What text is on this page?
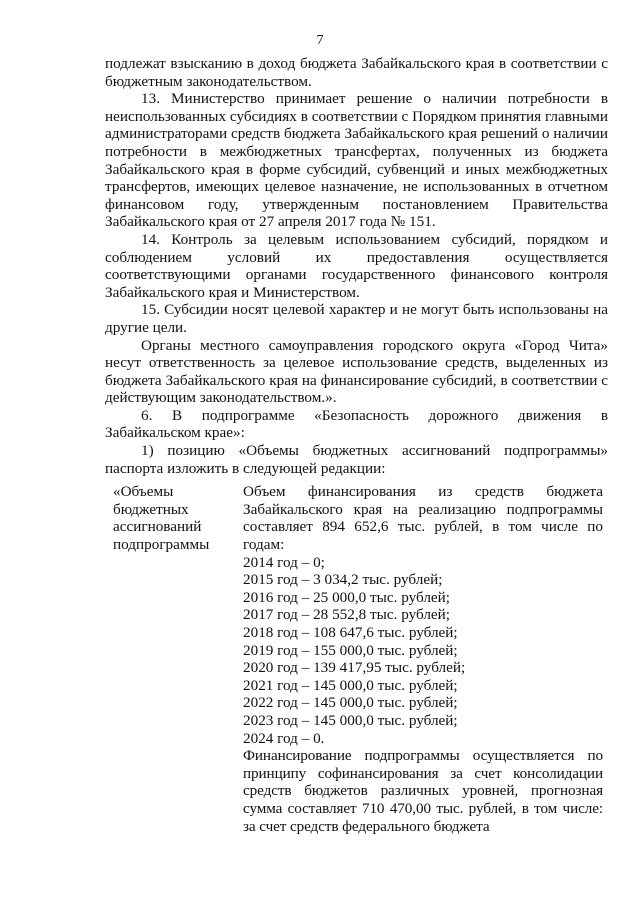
7

подлежат взысканию в доход бюджета Забайкальского края в соответствии с бюджетным законодательством.

13. Министерство принимает решение о наличии потребности в неиспользованных субсидиях в соответствии с Порядком принятия главными администраторами средств бюджета Забайкальского края решений о наличии потребности в межбюджетных трансфертах, полученных из бюджета Забайкальского края в форме субсидий, субвенций и иных межбюджетных трансфертов, имеющих целевое назначение, не использованных в отчетном финансовом году, утвержденным постановлением Правительства Забайкальского края от 27 апреля 2017 года № 151.

14. Контроль за целевым использованием субсидий, порядком и соблюдением условий их предоставления осуществляется соответствующими органами государственного финансового контроля Забайкальского края и Министерством.

15. Субсидии носят целевой характер и не могут быть использованы на другие цели.

Органы местного самоуправления городского округа «Город Чита» несут ответственность за целевое использование средств, выделенных из бюджета Забайкальского края на финансирование субсидий, в соответствии с действующим законодательством.».

6. В подпрограмме «Безопасность дорожного движения в Забайкальском крае»:

1) позицию «Объемы бюджетных ассигнований подпрограммы» паспорта изложить в следующей редакции:

«Объемы бюджетных ассигнований подпрограммы

Объем финансирования из средств бюджета Забайкальского края на реализацию подпрограммы составляет 894 652,6 тыс. рублей, в том числе по годам:

2014 год – 0;
2015 год – 3 034,2 тыс. рублей;
2016 год – 25 000,0 тыс. рублей;
2017 год – 28 552,8 тыс. рублей;
2018 год – 108 647,6 тыс. рублей;
2019 год – 155 000,0 тыс. рублей;
2020 год – 139 417,95 тыс. рублей;
2021 год – 145 000,0 тыс. рублей;
2022 год – 145 000,0 тыс. рублей;
2023 год – 145 000,0 тыс. рублей;
2024 год – 0.

Финансирование подпрограммы осуществляется по принципу софинансирования за счет консолидации средств бюджетов различных уровней, прогнозная сумма составляет 710 470,00 тыс. рублей, в том числе: за счет средств федерального бюджета
